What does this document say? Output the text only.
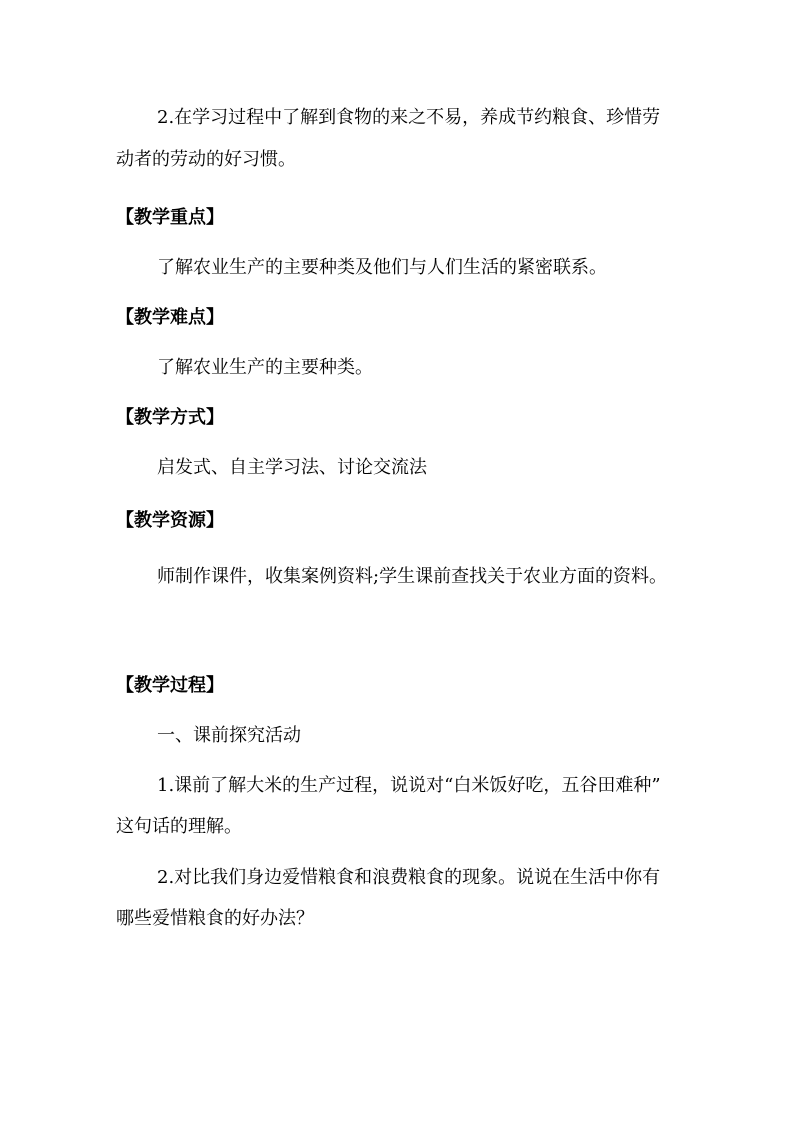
2.在学习过程中了解到食物的来之不易，养成节约粮食、珍惜劳
动者的劳动的好习惯。
【教学重点】
了解农业生产的主要种类及他们与人们生活的紧密联系。
【教学难点】
了解农业生产的主要种类。
【教学方式】
启发式、自主学习法、讨论交流法
【教学资源】
师制作课件，收集案例资料;学生课前查找关于农业方面的资料。
【教学过程】
一、课前探究活动
1.课前了解大米的生产过程，说说对“白米饭好吃，五谷田难种”
这句话的理解。
2.对比我们身边爱惜粮食和浪费粮食的现象。说说在生活中你有
哪些爱惜粮食的好办法？
